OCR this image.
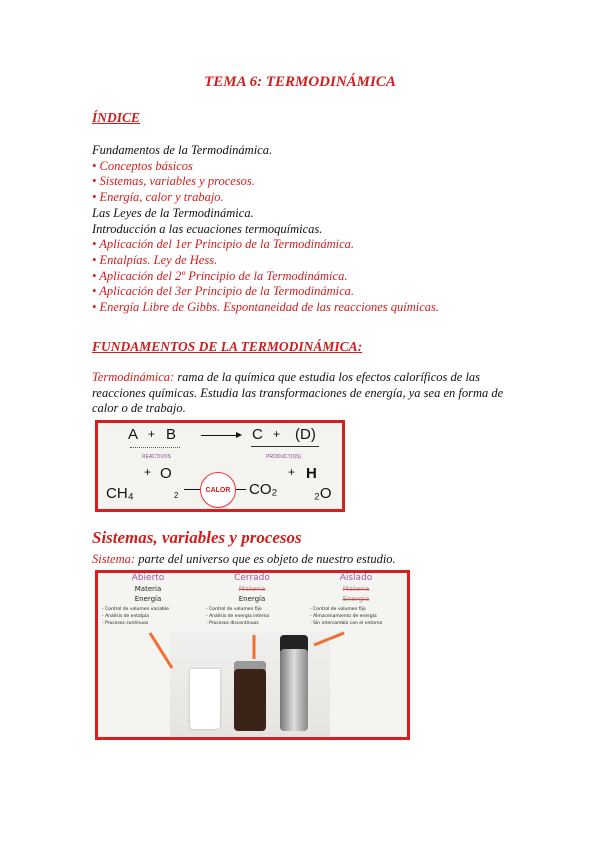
TEMA 6: TERMODINÁMICA
ÍNDICE
Fundamentos de la Termodinámica.
• Conceptos básicos
• Sistemas, variables y procesos.
• Energía, calor y trabajo.
Las Leyes de la Termodinámica.
Introducción a las ecuaciones termoquímicas.
• Aplicación del 1er Principio de la Termodinámica.
• Entalpías. Ley de Hess.
• Aplicación del 2º Principio de la Termodinámica.
• Aplicación del 3er Principio de la Termodinámica.
• Energía Libre de Gibbs. Espontaneidad de las reacciones químicas.
FUNDAMENTOS DE LA TERMODINÁMICA:
Termodinámica: rama de la química que estudia los efectos caloríficos de las reacciones químicas. Estudia las transformaciones de energía, ya sea en forma de calor o de trabajo.
A + B	C + (D)
REACTIVOS	PRODUCTO(S)
CH₄
+ O
2
CALOR	CO₂
+ H
₂O
Sistemas, variables y procesos
Sistema: parte del universo que es objeto de nuestro estudio.
Abierto
Materia
Energía
- Control de volumen variable
- Análisis de entalpía
- Procesos continuos
Cerrado
Materia
Energía
- Control de volumen fijo
- Análisis de energía interna
- Procesos discontinuos
Aislado
Materia
Energía
- Control de volumen fijo
- Almacenamiento de energía
- Sin intercambio con el entorno
